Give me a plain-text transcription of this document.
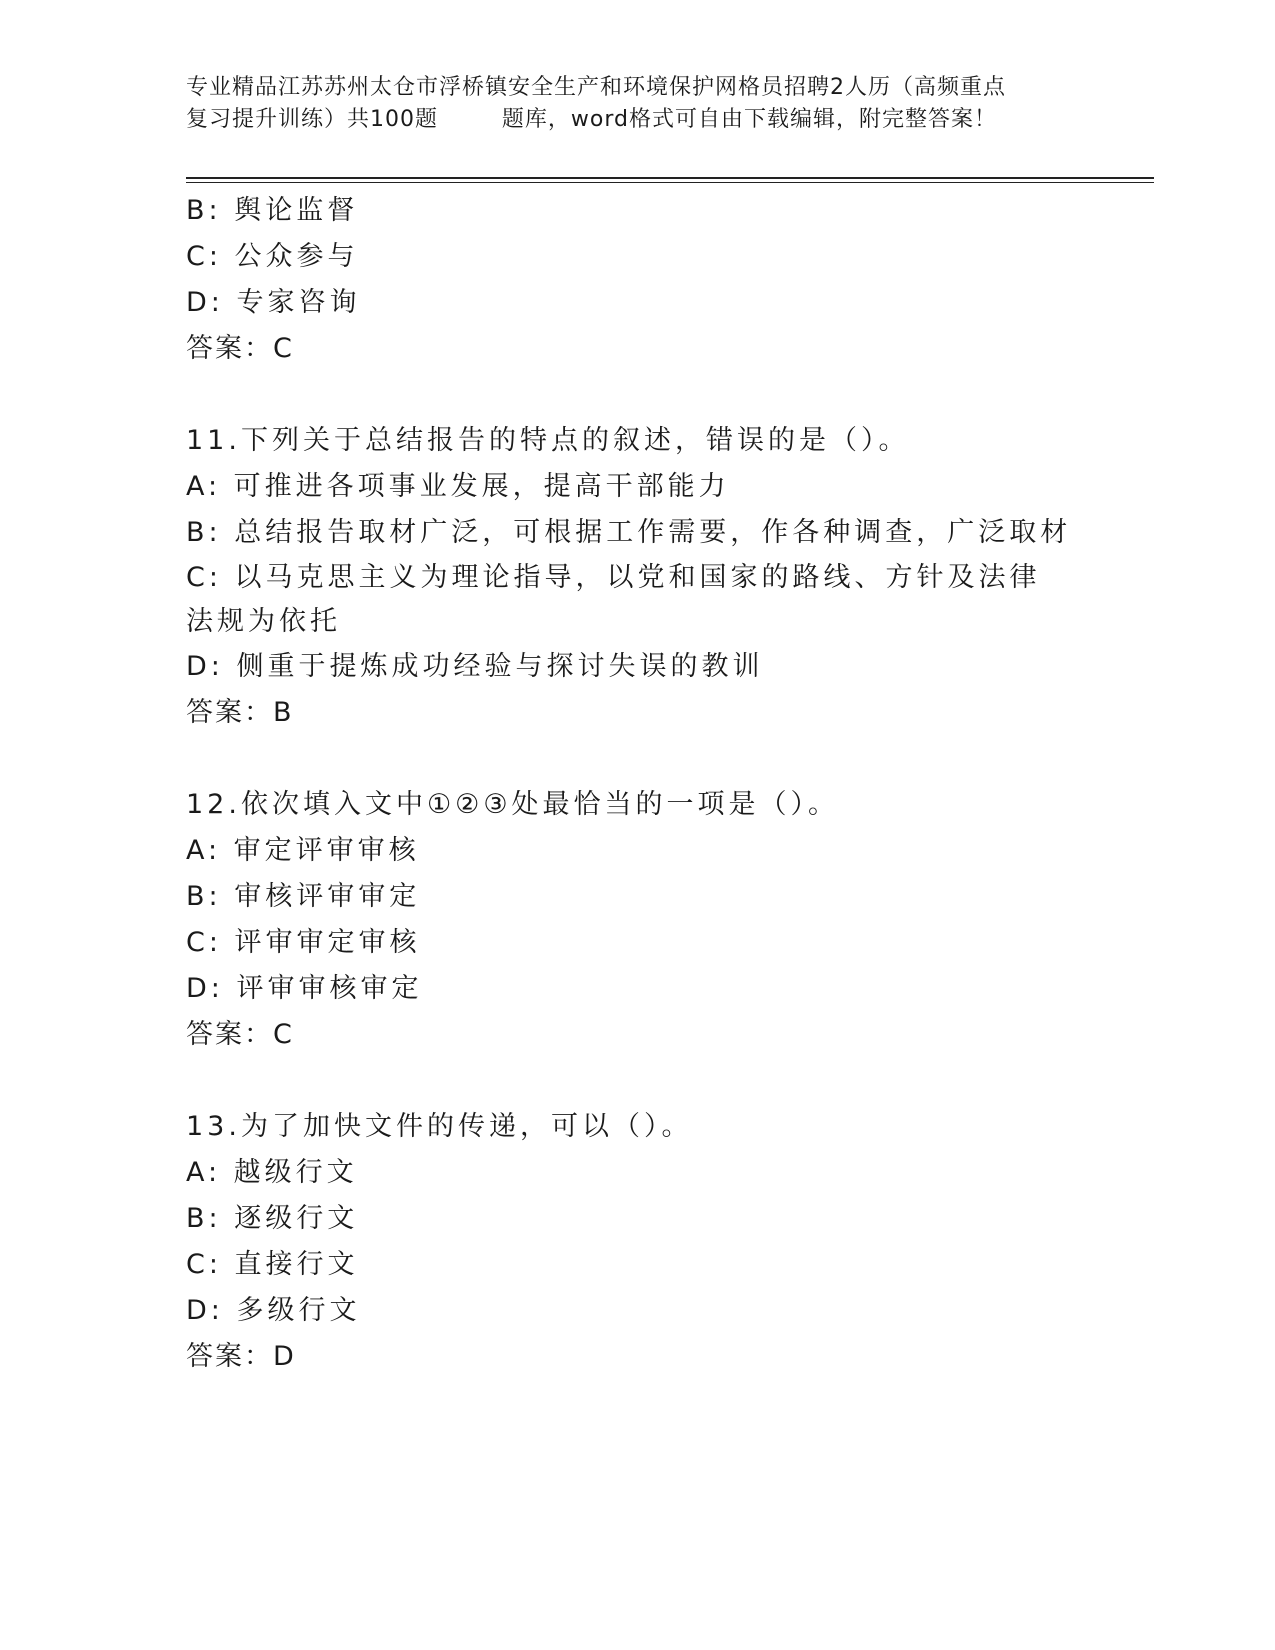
专业精品江苏苏州太仓市浮桥镇安全生产和环境保护网格员招聘2人历（高频重点
复习提升训练）共100题        题库，word格式可自由下载编辑，附完整答案！
B: 舆论监督
C: 公众参与
D: 专家咨询
答案：C
11.下列关于总结报告的特点的叙述，错误的是（）。
A: 可推进各项事业发展，提高干部能力
B: 总结报告取材广泛，可根据工作需要，作各种调查，广泛取材
C: 以马克思主义为理论指导，以党和国家的路线、方针及法律法规为依托
D: 侧重于提炼成功经验与探讨失误的教训
答案：B
12.依次填入文中①②③处最恰当的一项是（）。
A: 审定评审审核
B: 审核评审审定
C: 评审审定审核
D: 评审审核审定
答案：C
13.为了加快文件的传递，可以（）。
A: 越级行文
B: 逐级行文
C: 直接行文
D: 多级行文
答案：D
